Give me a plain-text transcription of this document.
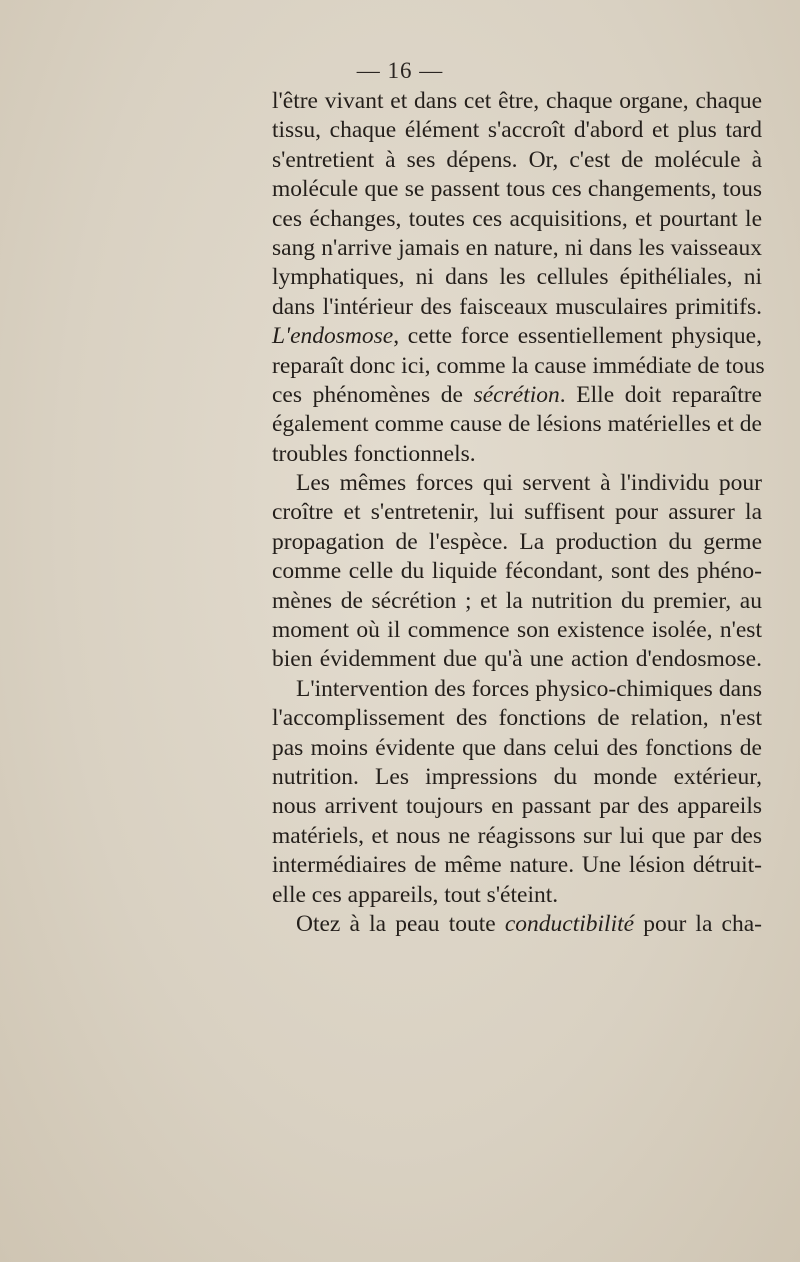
— 16 —
l'être vivant et dans cet être, chaque organe, chaque
tissu, chaque élément s'accroît d'abord et plus tard
s'entretient à ses dépens. Or, c'est de molécule à
molécule que se passent tous ces changements, tous
ces échanges, toutes ces acquisitions, et pourtant le
sang n'arrive jamais en nature, ni dans les vaisseaux
lymphatiques, ni dans les cellules épithéliales, ni
dans l'intérieur des faisceaux musculaires primitifs.
L'endosmose, cette force essentiellement physique,
reparaît donc ici, comme la cause immédiate de tous
ces phénomènes de sécrétion. Elle doit reparaître
également comme cause de lésions matérielles et de
troubles fonctionnels.
Les mêmes forces qui servent à l'individu pour
croître et s'entretenir, lui suffisent pour assurer la
propagation de l'espèce. La production du germe
comme celle du liquide fécondant, sont des phéno-
mènes de sécrétion ; et la nutrition du premier, au
moment où il commence son existence isolée, n'est
bien évidemment due qu'à une action d'endosmose.
L'intervention des forces physico-chimiques dans
l'accomplissement des fonctions de relation, n'est
pas moins évidente que dans celui des fonctions de
nutrition. Les impressions du monde extérieur,
nous arrivent toujours en passant par des appareils
matériels, et nous ne réagissons sur lui que par des
intermédiaires de même nature. Une lésion détruit-
elle ces appareils, tout s'éteint.
Otez à la peau toute conductibilité pour la cha-
